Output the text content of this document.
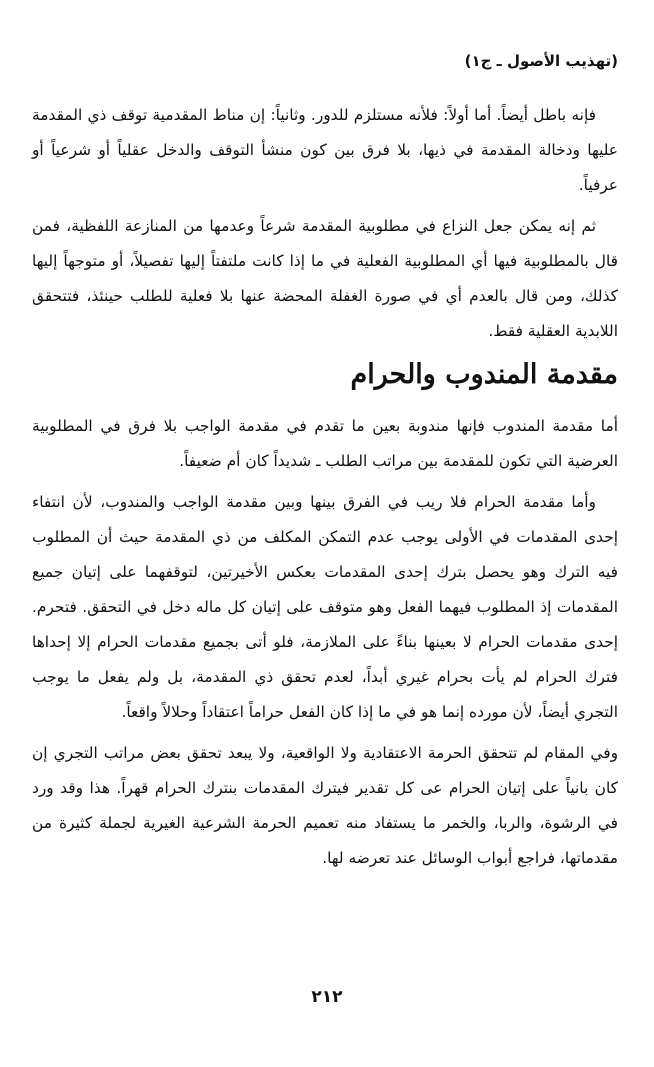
(تهذيب الأصول ـ ج١)

فإنه باطل أيضاً. أما أولاً: فلأنه مستلزم للدور. وثانياً: إن مناط المقدمية توقف ذي المقدمة عليها ودخالة المقدمة في ذيها، بلا فرق بين كون منشأ التوقف والدخل عقلياً أو شرعياً أو عرفياً.

ثم إنه يمكن جعل النزاع في مطلوبية المقدمة شرعاً وعدمها من المنازعة اللفظية، فمن قال بالمطلوبية فيها أي المطلوبية الفعلية في ما إذا كانت ملتفتاً إليها تفصيلاً، أو متوجهاً إليها كذلك، ومن قال بالعدم أي في صورة الغفلة المحضة عنها بلا فعلية للطلب حينئذ، فتتحقق اللابدية العقلية فقط.

مقدمة المندوب والحرام

أما مقدمة المندوب فإنها مندوبة بعين ما تقدم في مقدمة الواجب بلا فرق في المطلوبية العرضية التي تكون للمقدمة بين مراتب الطلب ـ شديداً كان أم ضعيفاً.

وأما مقدمة الحرام فلا ريب في الفرق بينها وبين مقدمة الواجب والمندوب، لأن انتفاء إحدى المقدمات في الأولى يوجب عدم التمكن المكلف من ذي المقدمة حيث أن المطلوب فيه الترك وهو يحصل بترك إحدى المقدمات بعكس الأخيرتين، لتوقفهما على إتيان جميع المقدمات إذ المطلوب فيهما الفعل وهو متوقف على إتيان كل ماله دخل في التحقق. فتحرم. إحدى مقدمات الحرام لا بعينها بناءً على الملازمة، فلو أتى بجميع مقدمات الحرام إلا إحداها فترك الحرام لم يأت بحرام غيري أبداً، لعدم تحقق ذي المقدمة، بل ولم يفعل ما يوجب التجري أيضاً، لأن مورده إنما هو في ما إذا كان الفعل حراماً اعتقاداً وحلالاً واقعاً.

وفي المقام لم تتحقق الحرمة الاعتقادية ولا الواقعية، ولا يبعد تحقق بعض مراتب التجري إن كان بانياً على إتيان الحرام عى كل تقدير فيترك المقدمات بنترك الحرام قهراً. هذا وقد ورد في الرشوة، والربا، والخمر ما يستفاد منه تعميم الحرمة الشرعية الغيرية لجملة كثيرة من مقدماتها، فراجع أبواب الوسائل عند تعرضه لها.

٢١٢
